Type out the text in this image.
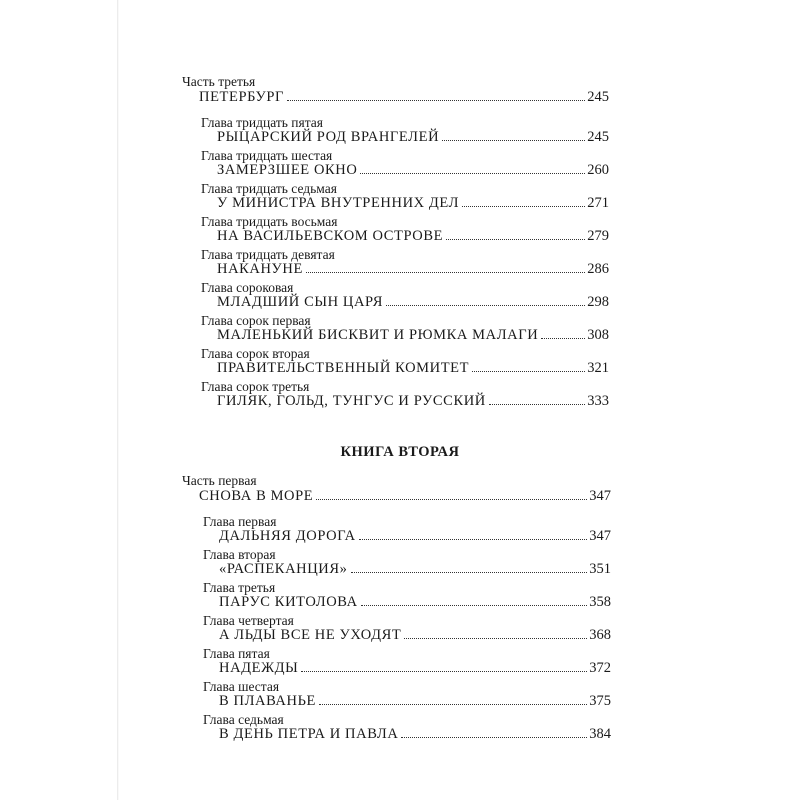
Часть третья
ПЕТЕРБУРГ	245
Глава тридцать пятая
РЫЦАРСКИЙ РОД ВРАНГЕЛЕЙ	245
Глава тридцать шестая
ЗАМЕРЗШЕЕ ОКНО	260
Глава тридцать седьмая
У МИНИСТРА ВНУТРЕННИХ ДЕЛ	271
Глава тридцать восьмая
НА ВАСИЛЬЕВСКОМ ОСТРОВЕ	279
Глава тридцать девятая
НАКАНУНЕ	286
Глава сороковая
МЛАДШИЙ СЫН ЦАРЯ	298
Глава сорок первая
МАЛЕНЬКИЙ БИСКВИТ И РЮМКА МАЛАГИ	308
Глава сорок вторая
ПРАВИТЕЛЬСТВЕННЫЙ КОМИТЕТ	321
Глава сорок третья
ГИЛЯК, ГОЛЬД, ТУНГУС И РУССКИЙ	333
КНИГА ВТОРАЯ
Часть первая
СНОВА В МОРЕ	347
Глава первая
ДАЛЬНЯЯ ДОРОГА	347
Глава вторая
«РАСПЕКАНЦИЯ»	351
Глава третья
ПАРУС КИТОЛОВА	358
Глава четвертая
А ЛЬДЫ ВСЕ НЕ УХОДЯТ	368
Глава пятая
НАДЕЖДЫ	372
Глава шестая
В ПЛАВАНЬЕ	375
Глава седьмая
В ДЕНЬ ПЕТРА И ПАВЛА	384
